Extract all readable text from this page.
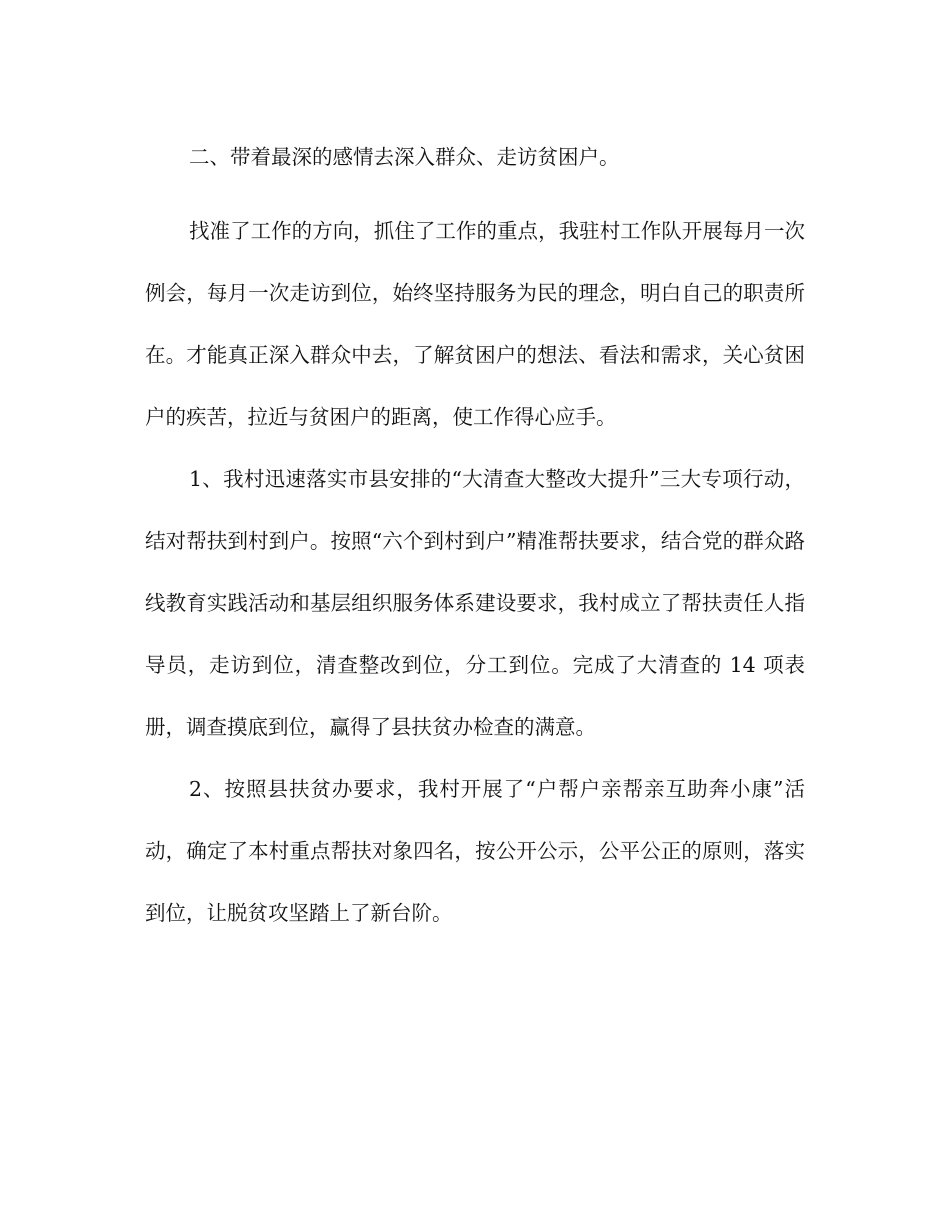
二、带着最深的感情去深入群众、走访贫困户。

找准了工作的方向，抓住了工作的重点，我驻村工作队开展每月一次例会，每月一次走访到位，始终坚持服务为民的理念，明白自己的职责所在。才能真正深入群众中去，了解贫困户的想法、看法和需求，关心贫困户的疾苦，拉近与贫困户的距离，使工作得心应手。

1、我村迅速落实市县安排的“大清查大整改大提升”三大专项行动，结对帮扶到村到户。按照“六个到村到户”精准帮扶要求，结合党的群众路线教育实践活动和基层组织服务体系建设要求，我村成立了帮扶责任人指导员，走访到位，清查整改到位，分工到位。完成了大清查的 14 项表册，调查摸底到位，赢得了县扶贫办检查的满意。

2、按照县扶贫办要求，我村开展了“户帮户亲帮亲互助奔小康”活动，确定了本村重点帮扶对象四名，按公开公示，公平公正的原则，落实到位，让脱贫攻坚踏上了新台阶。
